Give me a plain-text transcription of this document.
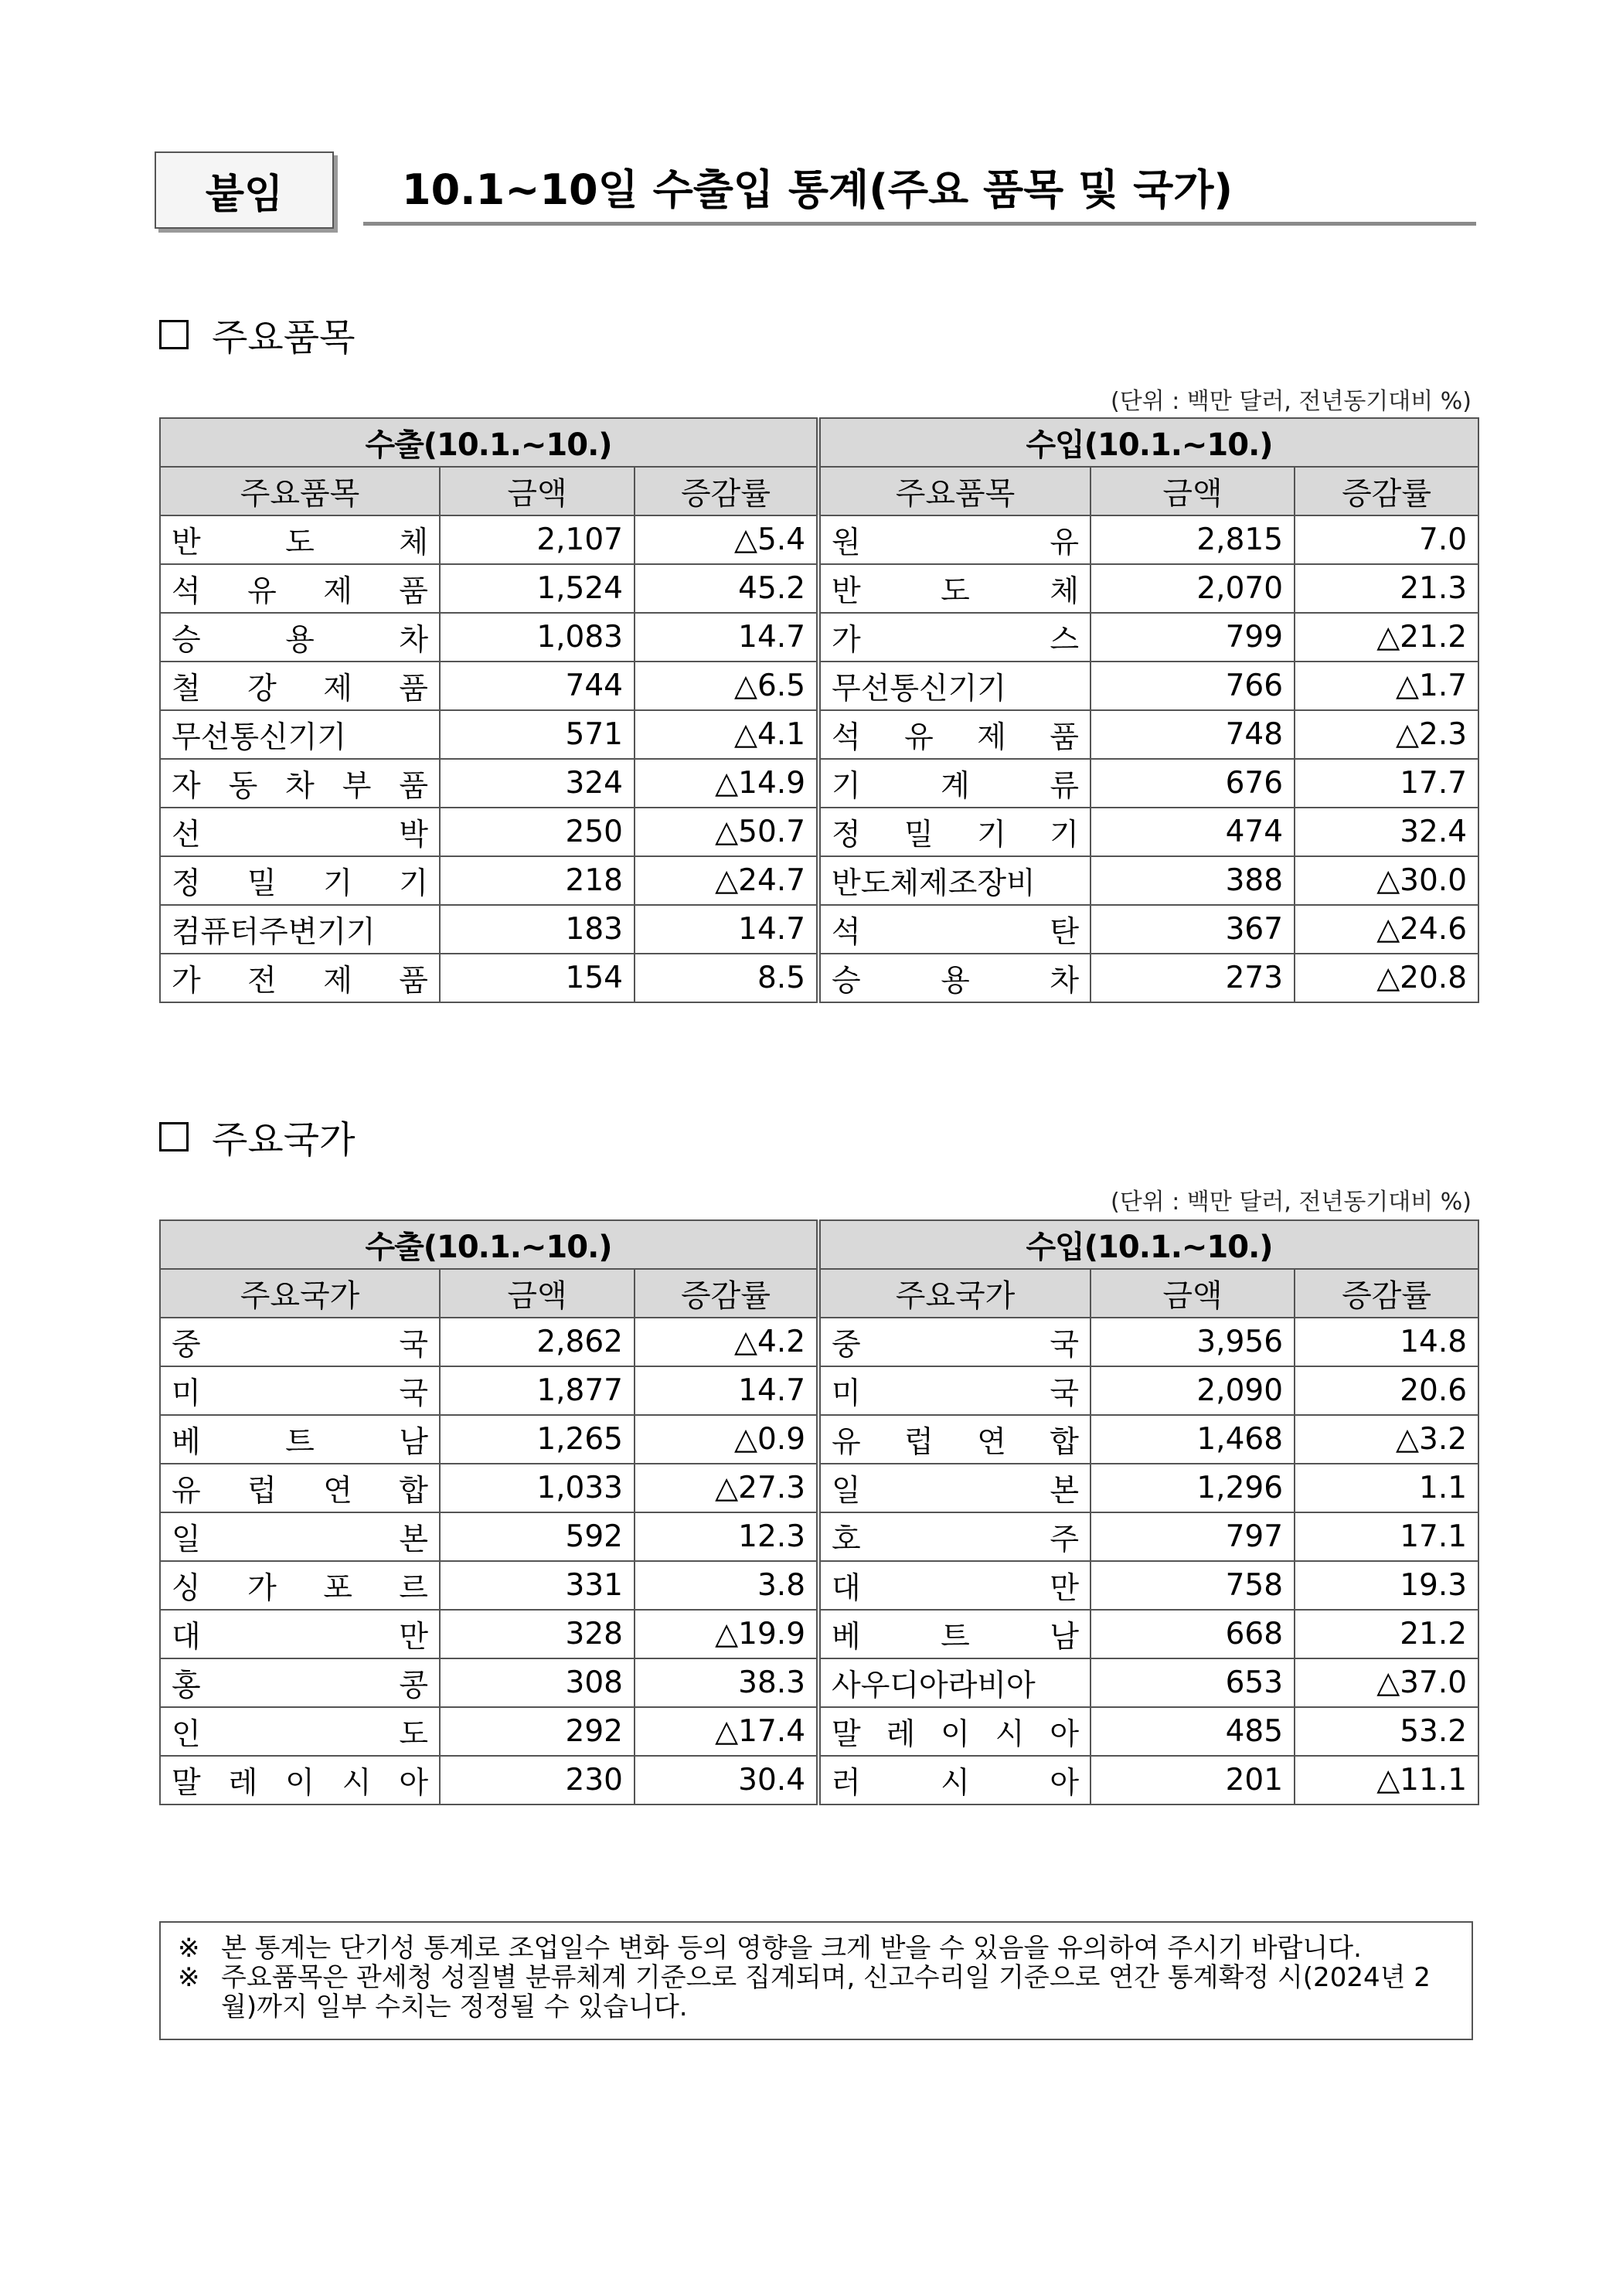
붙임	10.1~10일 수출입 통계(주요 품목 및 국가)
주요품목
(단위 : 백만 달러, 전년동기대비 %)
수출(10.1.~10.)			수입(10.1.~10.)		
주요품목	금액	증감률	주요품목	금액	증감률

반 도 체	2,107	△5.4	원 유	2,815	7.0

석 유 제 품	1,524	45.2	반 도 체	2,070	21.3

승 용 차	1,083	14.7	가 스	799	△21.2

철 강 제 품	744	△6.5	무선통신기기	766	△1.7

무선통신기기	571	△4.1	석 유 제 품	748	△2.3

자 동 차 부 품	324	△14.9	기 계 류	676	17.7

선 박	250	△50.7	정 밀 기 기	474	32.4

정 밀 기 기	218	△24.7	반도체제조장비	388	△30.0

컴퓨터주변기기	183	14.7	석 탄	367	△24.6

가 전 제 품	154	8.5	승 용 차	273	△20.8
주요국가
(단위 : 백만 달러, 전년동기대비 %)
수출(10.1.~10.)			수입(10.1.~10.)		
주요국가	금액	증감률	주요국가	금액	증감률

중 국	2,862	△4.2	중 국	3,956	14.8

미 국	1,877	14.7	미 국	2,090	20.6

베 트 남	1,265	△0.9	유 럽 연 합	1,468	△3.2

유 럽 연 합	1,033	△27.3	일 본	1,296	1.1

일 본	592	12.3	호 주	797	17.1

싱 가 포 르	331	3.8	대 만	758	19.3

대 만	328	△19.9	베 트 남	668	21.2

홍 콩	308	38.3	사우디아라비아	653	△37.0

인 도	292	△17.4	말 레 이 시 아	485	53.2

말 레 이 시 아	230	30.4	러 시 아	201	△11.1
※ 본 통계는 단기성 통계로 조업일수 변화 등의 영향을 크게 받을 수 있음을 유의하여 주시기 바랍니다.
※ 주요품목은 관세청 성질별 분류체계 기준으로 집계되며, 신고수리일 기준으로 연간 통계확정 시(2024년 2월)까지 일부 수치는 정정될 수 있습니다.
